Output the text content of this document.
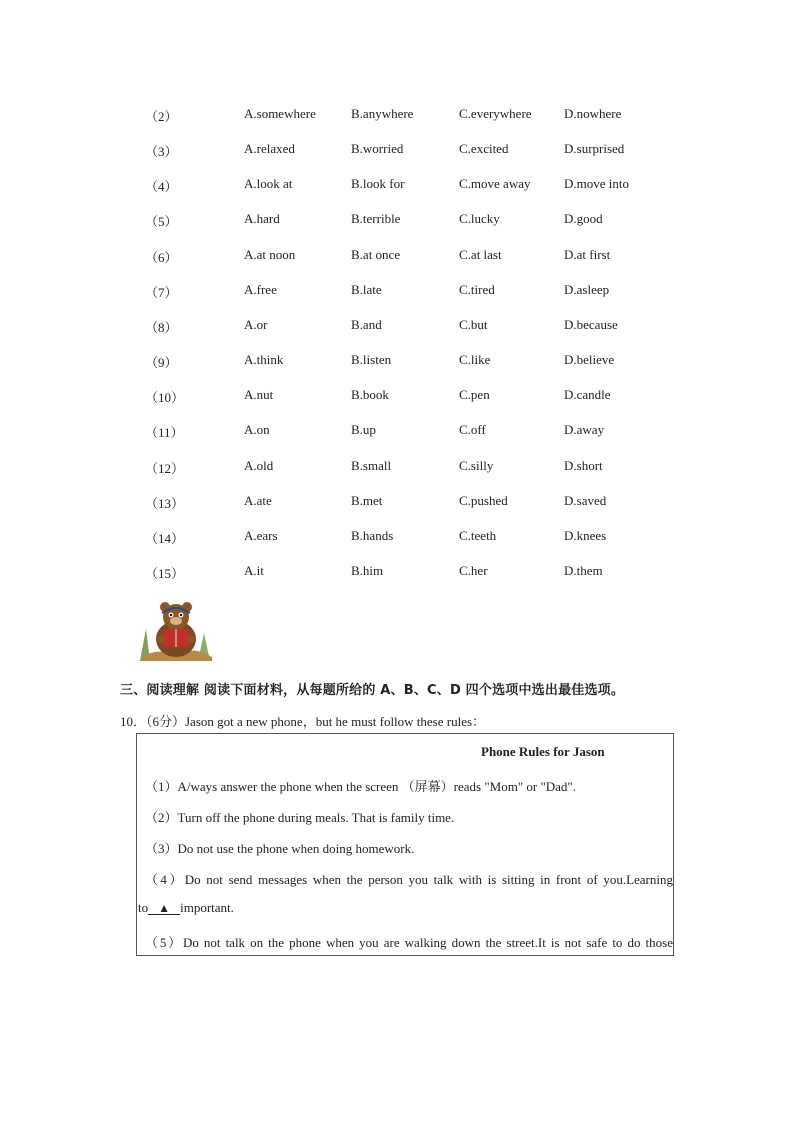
（2）	A.somewhere	B.anywhere	C.everywhere D.nowhere
（3）	A.relaxed	B.worried	C.excited	D.surprised
（4）	A.look at	B.look for	C.move away	D.move into
（5）	A.hard	B.terrible	C.lucky	D.good
（6）	A.at noon	B.at once	C.at last	D.at first
（7）	A.free	B.late	C.tired	D.asleep
（8）	A.or	B.and	C.but	D.because
（9）	A.think	B.listen	C.like	D.believe
（10）	A.nut	B.book	C.pen	D.candle
（11）	A.on	B.up	C.off	D.away
（12）	A.old	B.small	C.silly	D.short
（13）	A.ate	B.met	C.pushed	D.saved
（14）	A.ears	B.hands	C.teeth	D.knees
（15）	A.it	B.him	C.her	D.them
三、阅读理解 阅读下面材料，从每题所给的 A、B、C、D 四个选项中选出最佳选项。
10．（6分）Jason got a new phone，but he must follow these rules：
Phone Rules for Jason
（1）A/ways answer the phone when the screen （屏幕）reads "Mom" or "Dad".
（2）Turn off the phone during meals. That is family time.
（3）Do not use the phone when doing homework.
（4）Do not send messages when the person you talk with is sitting in front of you.Learning
to ▲ important.
（5）Do not talk on the phone when you are walking down the street.It is not safe to do those
